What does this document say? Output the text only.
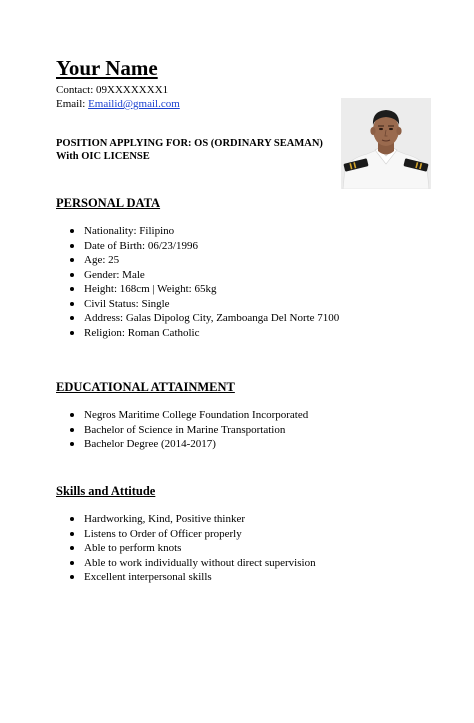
Your Name
Contact: 09XXXXXXX1
Email: Emailid@gmail.com
POSITION APPLYING FOR: OS (ORDINARY SEAMAN)
With OIC LICENSE
PERSONAL DATA
Nationality: Filipino
Date of Birth: 06/23/1996
Age: 25
Gender: Male
Height: 168cm | Weight: 65kg
Civil Status: Single
Address: Galas Dipolog City, Zamboanga Del Norte 7100
Religion: Roman Catholic
EDUCATIONAL ATTAINMENT
Negros Maritime College Foundation Incorporated
Bachelor of Science in Marine Transportation
Bachelor Degree (2014-2017)
Skills and Attitude
Hardworking, Kind, Positive thinker
Listens to Order of Officer properly
Able to perform knots
Able to work individually without direct supervision
Excellent interpersonal skills
